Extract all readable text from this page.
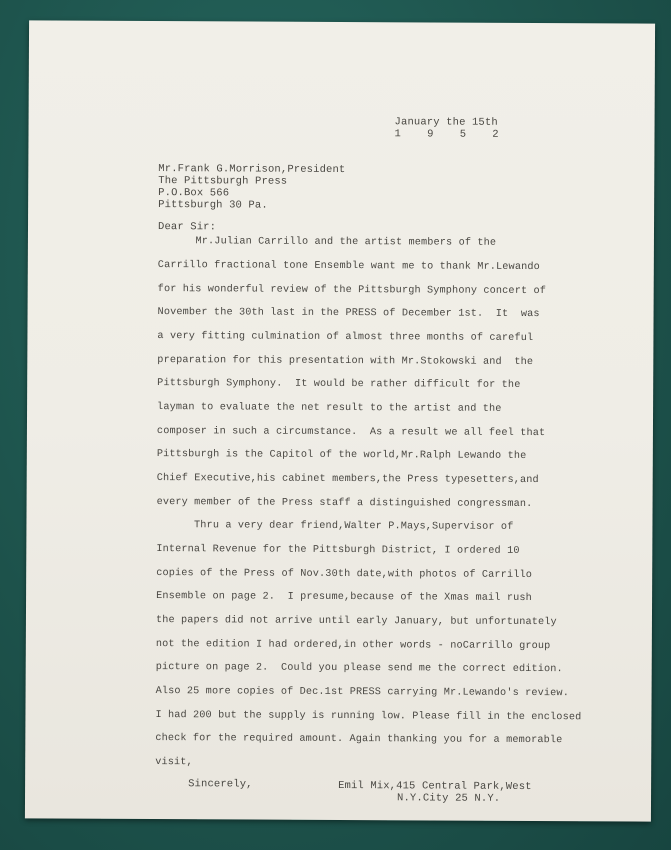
January the 15th
1 9 5 2
Mr.Frank G.Morrison,President
The Pittsburgh Press
P.O.Box 566
Pittsburgh 30 Pa.
Dear Sir:
Mr.Julian Carrillo and the artist members of the
Carrillo fractional tone Ensemble want me to thank Mr.Lewando
for his wonderful review of the Pittsburgh Symphony concert of
November the 30th last in the PRESS of December 1st.  It  was
a very fitting culmination of almost three months of careful
preparation for this presentation with Mr.Stokowski and  the
Pittsburgh Symphony.  It would be rather difficult for the
layman to evaluate the net result to the artist and the
composer in such a circumstance.  As a result we all feel that
Pittsburgh is the Capitol of the world,Mr.Ralph Lewando the
Chief Executive,his cabinet members,the Press typesetters,and
every member of the Press staff a distinguished congressman.
Thru a very dear friend,Walter P.Mays,Supervisor of
Internal Revenue for the Pittsburgh District, I ordered 10
copies of the Press of Nov.30th date,with photos of Carrillo
Ensemble on page 2.  I presume,because of the Xmas mail rush
the papers did not arrive until early January, but unfortunately
not the edition I had ordered,in other words - noCarrillo group
picture on page 2.  Could you please send me the correct edition.
Also 25 more copies of Dec.1st PRESS carrying Mr.Lewando's review.
I had 200 but the supply is running low. Please fill in the enclosed
check for the required amount. Again thanking you for a memorable
visit,
Sincerely,	Emil Mix,415 Central Park,West
N.Y.City 25 N.Y.
